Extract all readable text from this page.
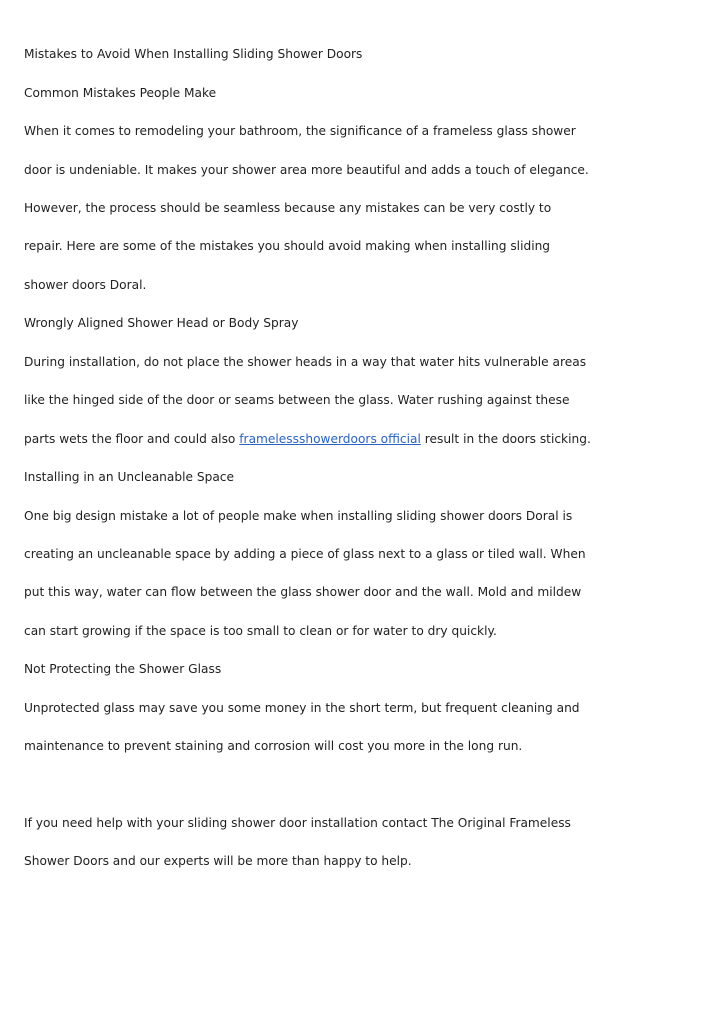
Mistakes to Avoid When Installing Sliding Shower Doors

Common Mistakes People Make

When it comes to remodeling your bathroom, the significance of a frameless glass shower

door is undeniable. It makes your shower area more beautiful and adds a touch of elegance.

However, the process should be seamless because any mistakes can be very costly to

repair. Here are some of the mistakes you should avoid making when installing sliding

shower doors Doral.

Wrongly Aligned Shower Head or Body Spray

During installation, do not place the shower heads in a way that water hits vulnerable areas

like the hinged side of the door or seams between the glass. Water rushing against these

parts wets the floor and could also framelessshowerdoors official result in the doors sticking.

Installing in an Uncleanable Space

One big design mistake a lot of people make when installing sliding shower doors Doral is

creating an uncleanable space by adding a piece of glass next to a glass or tiled wall. When

put this way, water can flow between the glass shower door and the wall. Mold and mildew

can start growing if the space is too small to clean or for water to dry quickly.

Not Protecting the Shower Glass

Unprotected glass may save you some money in the short term, but frequent cleaning and

maintenance to prevent staining and corrosion will cost you more in the long run.

If you need help with your sliding shower door installation contact The Original Frameless

Shower Doors and our experts will be more than happy to help.
